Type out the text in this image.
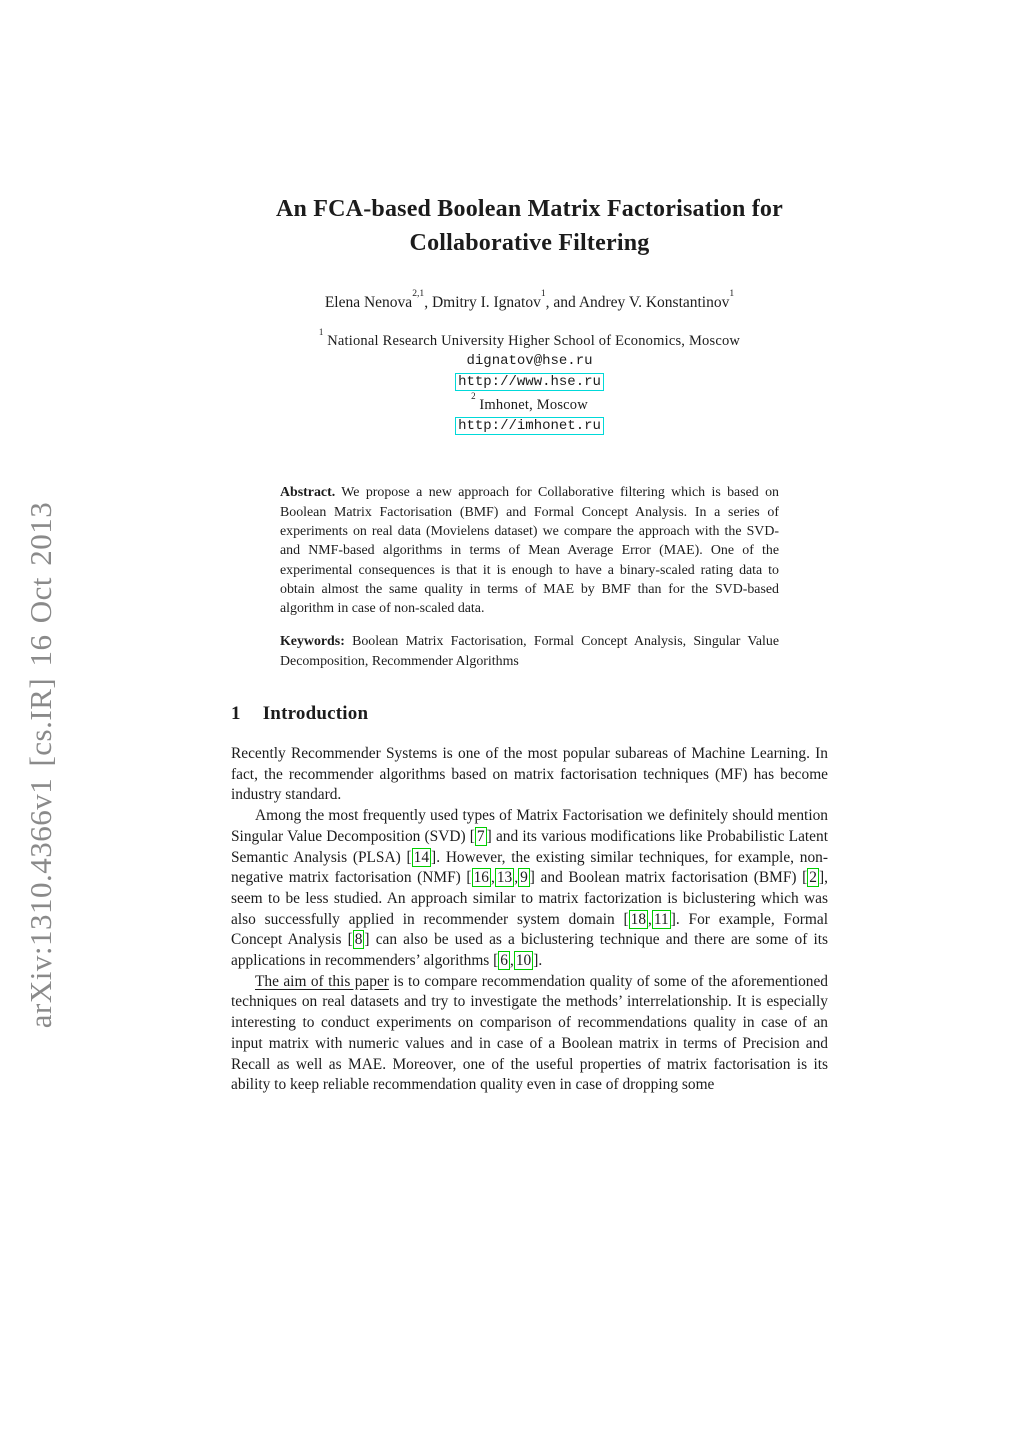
arXiv:1310.4366v1 [cs.IR] 16 Oct 2013
An FCA-based Boolean Matrix Factorisation for Collaborative Filtering
Elena Nenova$^{2,1}$, Dmitry I. Ignatov$^1$, and Andrey V. Konstantinov$^1$
$^1$ National Research University Higher School of Economics, Moscow
dignatov@hse.ru
http://www.hse.ru
$^2$ Imhonet, Moscow
http://imhonet.ru

Abstract. We propose a new approach for Collaborative filtering which is based on Boolean Matrix Factorisation (BMF) and Formal Concept Analysis. In a series of experiments on real data (Movielens dataset) we compare the approach with the SVD- and NMF-based algorithms in terms of Mean Average Error (MAE). One of the experimental consequences is that it is enough to have a binary-scaled rating data to obtain almost the same quality in terms of MAE by BMF than for the SVD-based algorithm in case of non-scaled data.

Keywords: Boolean Matrix Factorisation, Formal Concept Analysis, Singular Value Decomposition, Recommender Algorithms

1 Introduction

Recently Recommender Systems is one of the most popular subareas of Machine Learning. In fact, the recommender algorithms based on matrix factorisation techniques (MF) has become industry standard.

Among the most frequently used types of Matrix Factorisation we definitely should mention Singular Value Decomposition (SVD) [ 7 ] and its various modifications like Probabilistic Latent Semantic Analysis (PLSA) [ 14 ]. However, the existing similar techniques, for example, non-negative matrix factorisation (NMF) [ 16 , 13 , 9 ] and Boolean matrix factorisation (BMF) [ 2 ], seem to be less studied. An approach similar to matrix factorization is biclustering which was also successfully applied in recommender system domain [ 18 , 11 ]. For example, Formal Concept Analysis [ 8 ] can also be used as a biclustering technique and there are some of its applications in recommenders’ algorithms [ 6 , 10 ].

The aim of this paper is to compare recommendation quality of some of the aforementioned techniques on real datasets and try to investigate the methods’ interrelationship. It is especially interesting to conduct experiments on comparison of recommendations quality in case of an input matrix with numeric values and in case of a Boolean matrix in terms of Precision and Recall as well as MAE. Moreover, one of the useful properties of matrix factorisation is its ability to keep reliable recommendation quality even in case of dropping some
